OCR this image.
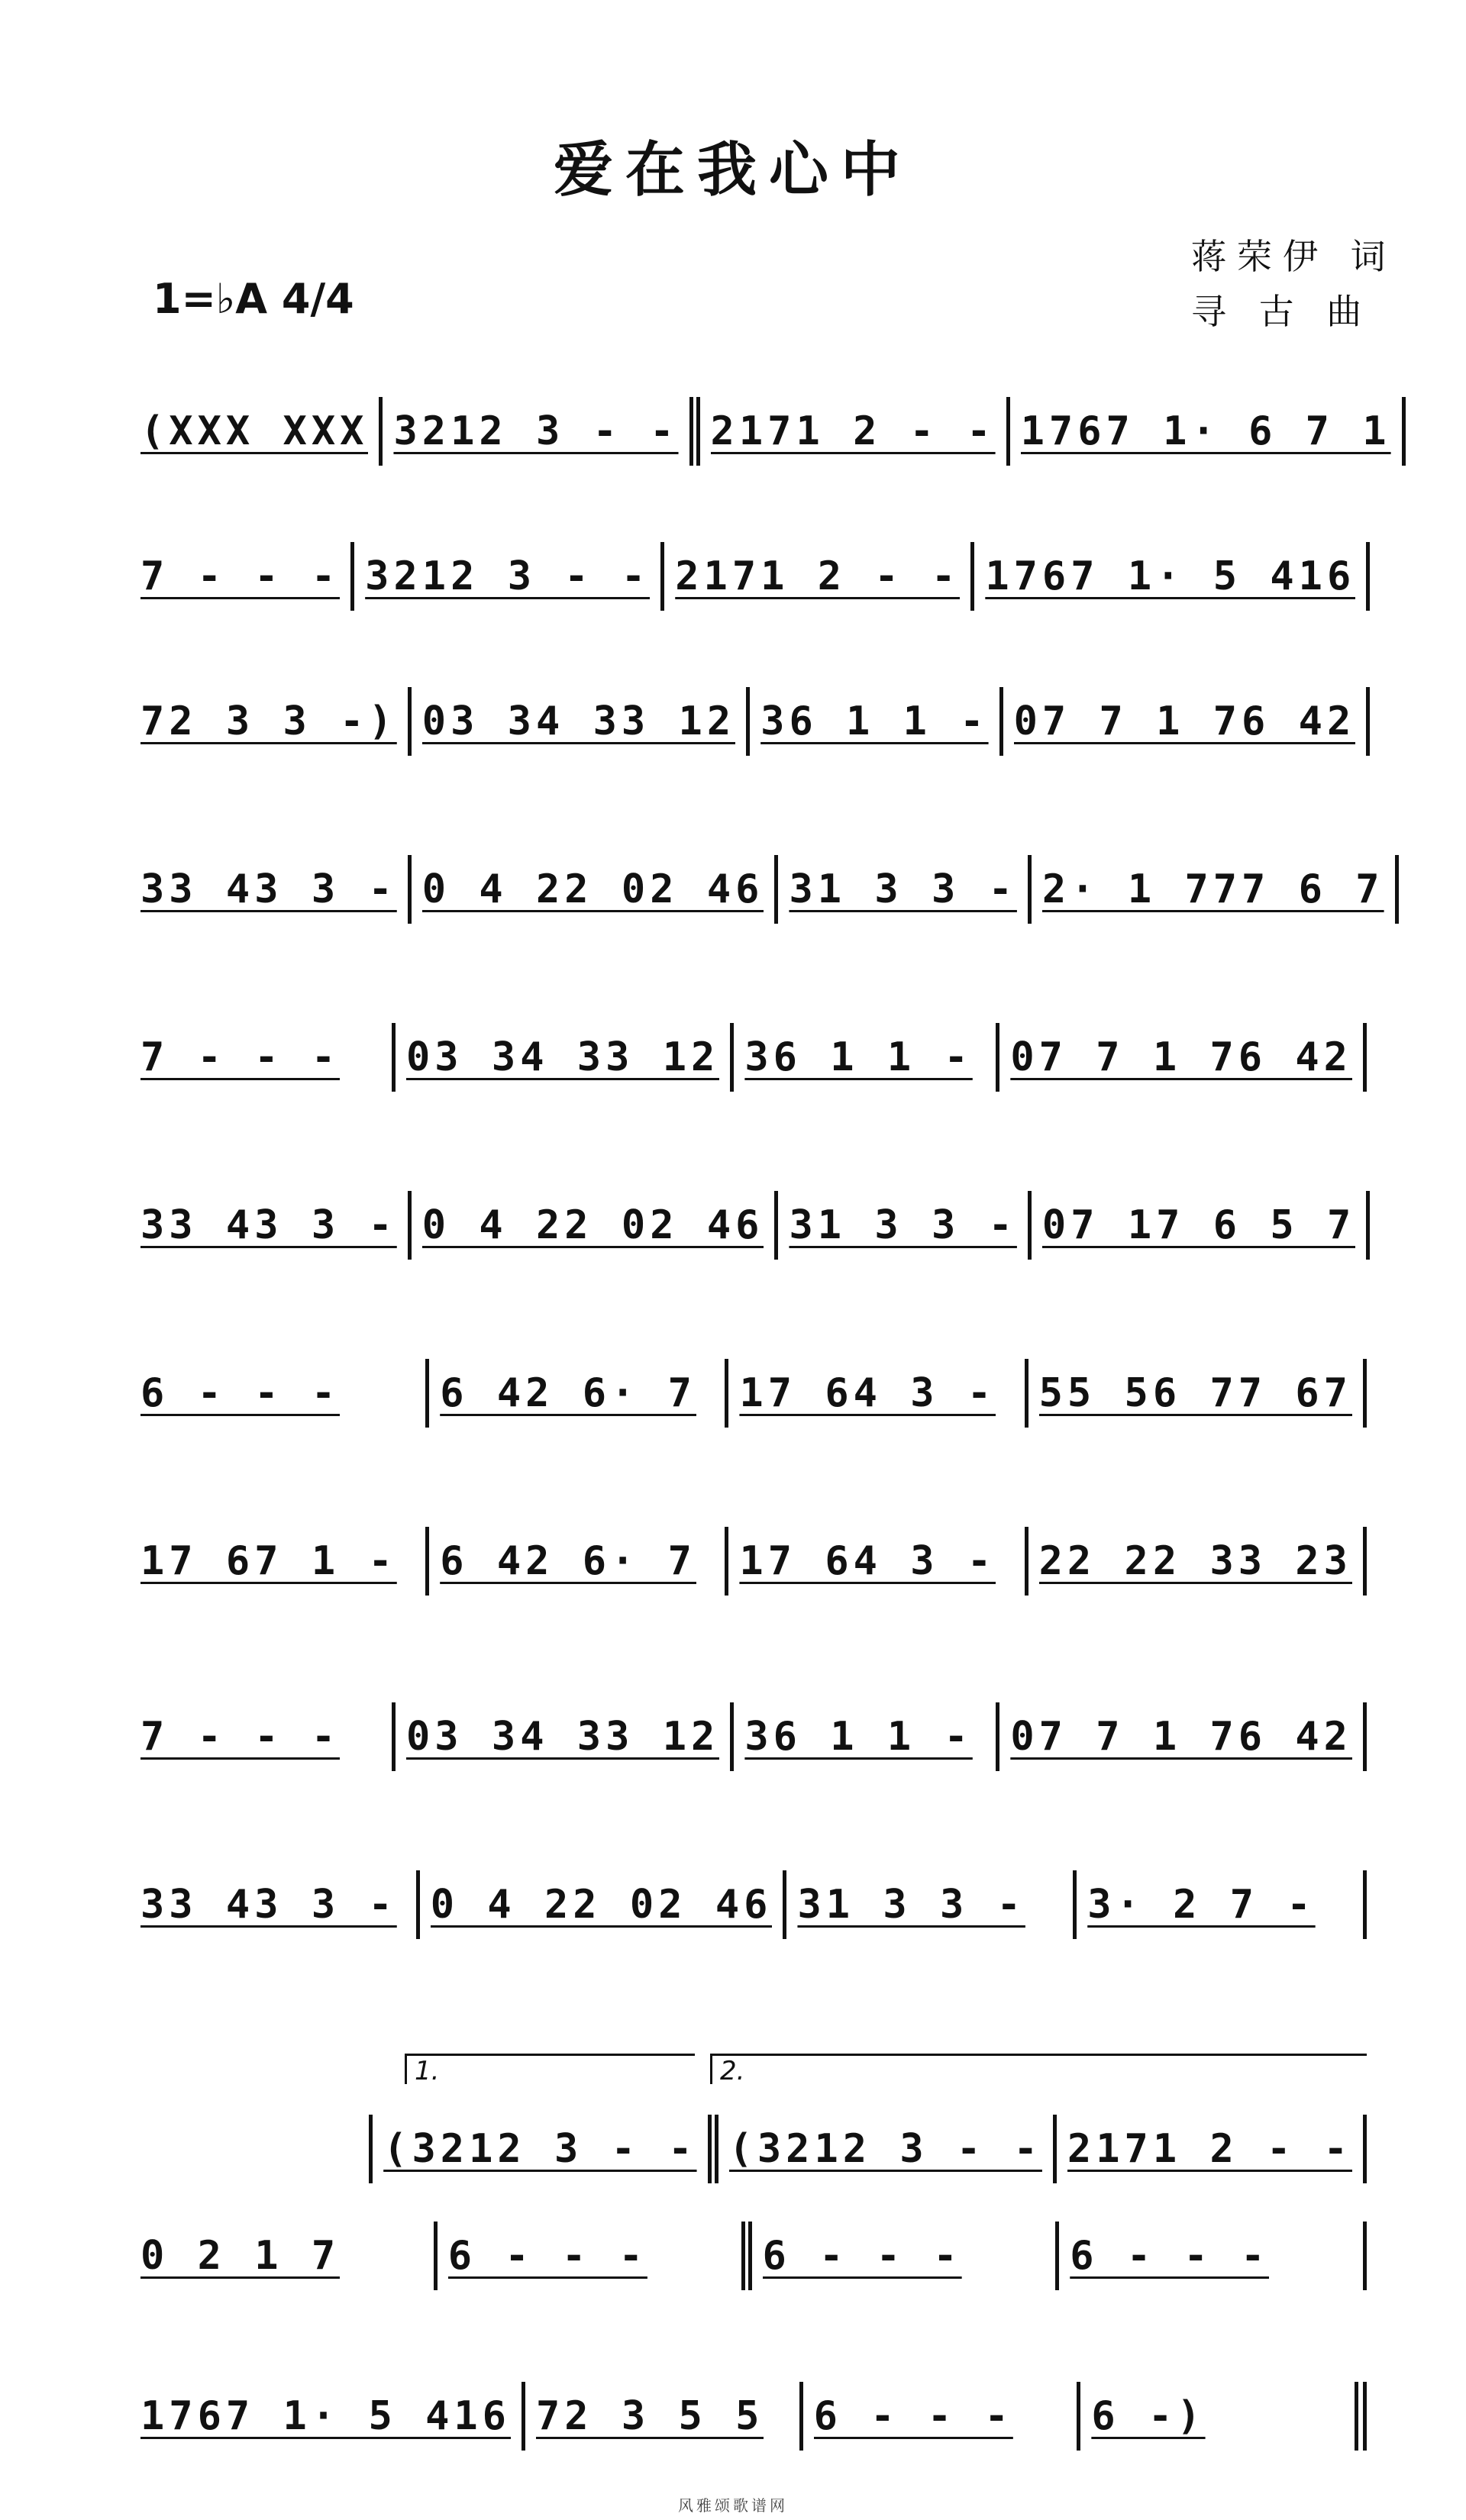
爱在我心中
蒋荣伊 词
寻 古 曲
1=♭A 4/4
(XXX XXX 3212 3 - - 2171 2 - - 1767 1· 6 7 1
7 - - - 3212 3 - - 2171 2 - - 1767 1· 5 416
72 3 3 -) 03 34 33 12 36 1 1 - 07 7 1 76 42
33 43 3 - 0 4 22 02 46 31 3 3 - 2· 1 777 6 7
7 - - - 03 34 33 12 36 1 1 - 07 7 1 76 42
33 43 3 - 0 4 22 02 46 31 3 3 - 07 17 6 5 7
6 - - -	6 42 6· 7 17 64 3 - 55 56 77 67
17 67 1 - 6 42 6· 7 17 64 3 - 22 22 33 23
7 - - - 03 34 33 12 36 1 1 - 07 7 1 76 42
33 43 3 - 0 4 22 02 46 31 3 3 - 3· 2 7 -
(3212 3 - - (3212 3 - - 2171 2 - -
0 2 1 7	6 - - -	6 - - -	6 - - -
1767 1· 5 416 72 3 5 5 6 - - - 6 -)
1.	2.
风雅颂歌谱网
